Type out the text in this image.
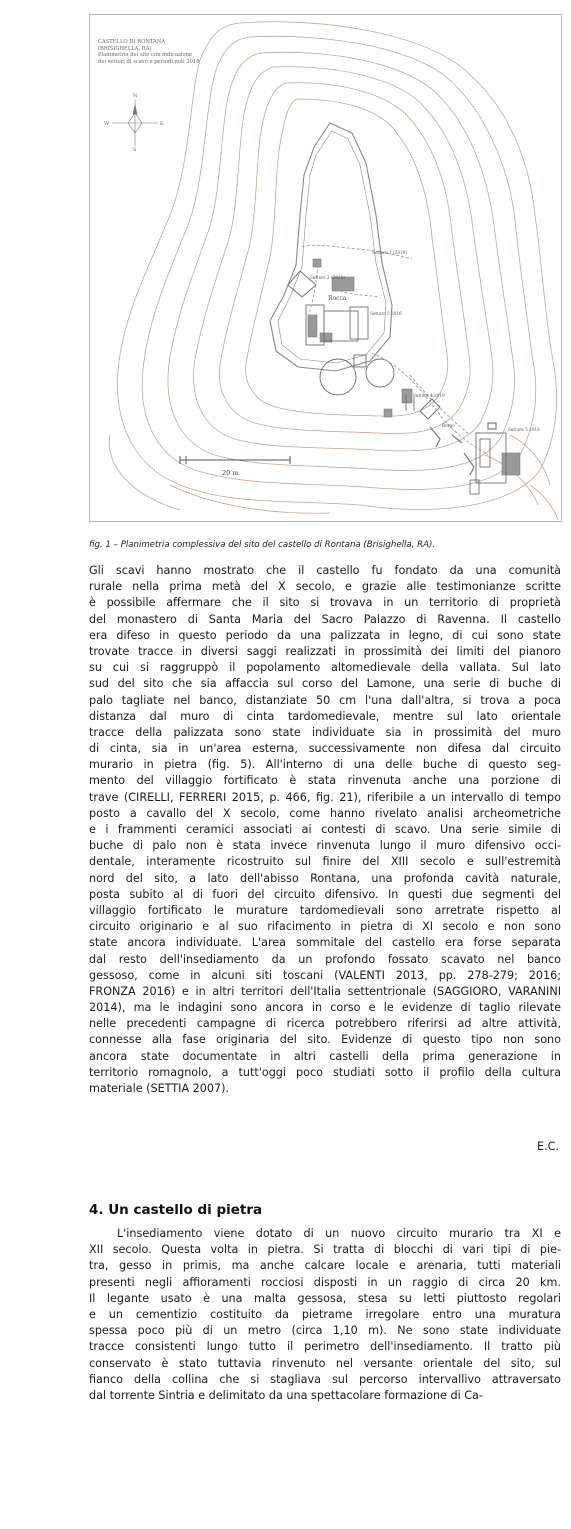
CASTELLO DI RONTANA
(BRISIGHELLA, RA)
Planimetria del sito con indicazione
dei settori di scavo e periodi noti 2018
N
S
E
W
Settore 1 (2019)
Settore 2 (2016)
Rocca
Settore 3 2016
Settore 4 2019
Borgo
Settore 5 2018
20 m
fig. 1 – Planimetria complessiva del sito del castello di Rontana (Brisighella, RA).
Gli scavi hanno mostrato che il castello fu fondato da una comunità
rurale nella prima metà del X secolo, e grazie alle testimonianze scritte
è possibile affermare che il sito si trovava in un territorio di proprietà
del monastero di Santa Maria del Sacro Palazzo di Ravenna. Il castello
era difeso in questo periodo da una palizzata in legno, di cui sono state
trovate tracce in diversi saggi realizzati in prossimità dei limiti del pianoro
su cui si raggruppò il popolamento altomedievale della vallata. Sul lato
sud del sito che sia affaccia sul corso del Lamone, una serie di buche di
palo tagliate nel banco, distanziate 50 cm l'una dall'altra, si trova a poca
distanza dal muro di cinta tardomedievale, mentre sul lato orientale
tracce della palizzata sono state individuate sia in prossimità del muro
di cinta, sia in un'area esterna, successivamente non difesa dal circuito
murario in pietra (fig. 5). All'interno di una delle buche di questo seg-
mento del villaggio fortificato è stata rinvenuta anche una porzione di
trave (CIRELLI, FERRERI 2015, p. 466, fig. 21), riferibile a un intervallo di tempo
posto a cavallo del X secolo, come hanno rivelato analisi archeometriche
e i frammenti ceramici associati ai contesti di scavo. Una serie simile di
buche di palo non è stata invece rinvenuta lungo il muro difensivo occi-
dentale, interamente ricostruito sul finire del XIII secolo e sull'estremità
nord del sito, a lato dell'abisso Rontana, una profonda cavità naturale,
posta subito al di fuori del circuito difensivo. In questi due segmenti del
villaggio fortificato le murature tardomedievali sono arretrate rispetto al
circuito originario e al suo rifacimento in pietra di XI secolo e non sono
state ancora individuate. L'area sommitale del castello era forse separata
dal resto dell'insediamento da un profondo fossato scavato nel banco
gessoso, come in alcuni siti toscani (VALENTI 2013, pp. 278-279; 2016;
FRONZA 2016) e in altri territori dell'Italia settentrionale (SAGGIORO, VARANINI
2014), ma le indagini sono ancora in corso e le evidenze di taglio rilevate
nelle precedenti campagne di ricerca potrebbero riferirsi ad altre attività,
connesse alla fase originaria del sito. Evidenze di questo tipo non sono
ancora state documentate in altri castelli della prima generazione in
territorio romagnolo, a tutt'oggi poco studiati sotto il profilo della cultura
materiale (SETTIA 2007).
E.C.
4. Un castello di pietra
L'insediamento viene dotato di un nuovo circuito murario tra XI e
XII secolo. Questa volta in pietra. Si tratta di blocchi di vari tipi di pie-
tra, gesso in primis, ma anche calcare locale e arenaria, tutti materiali
presenti negli affioramenti rocciosi disposti in un raggio di circa 20 km.
Il legante usato è una malta gessosa, stesa su letti piuttosto regolari
e un cementizio costituito da pietrame irregolare entro una muratura
spessa poco più di un metro (circa 1,10 m). Ne sono state individuate
tracce consistenti lungo tutto il perimetro dell'insediamento. Il tratto più
conservato è stato tuttavia rinvenuto nel versante orientale del sito, sul
fianco della collina che si stagliava sul percorso intervallivo attraversato
dal torrente Sintria e delimitato da una spettacolare formazione di Ca-
